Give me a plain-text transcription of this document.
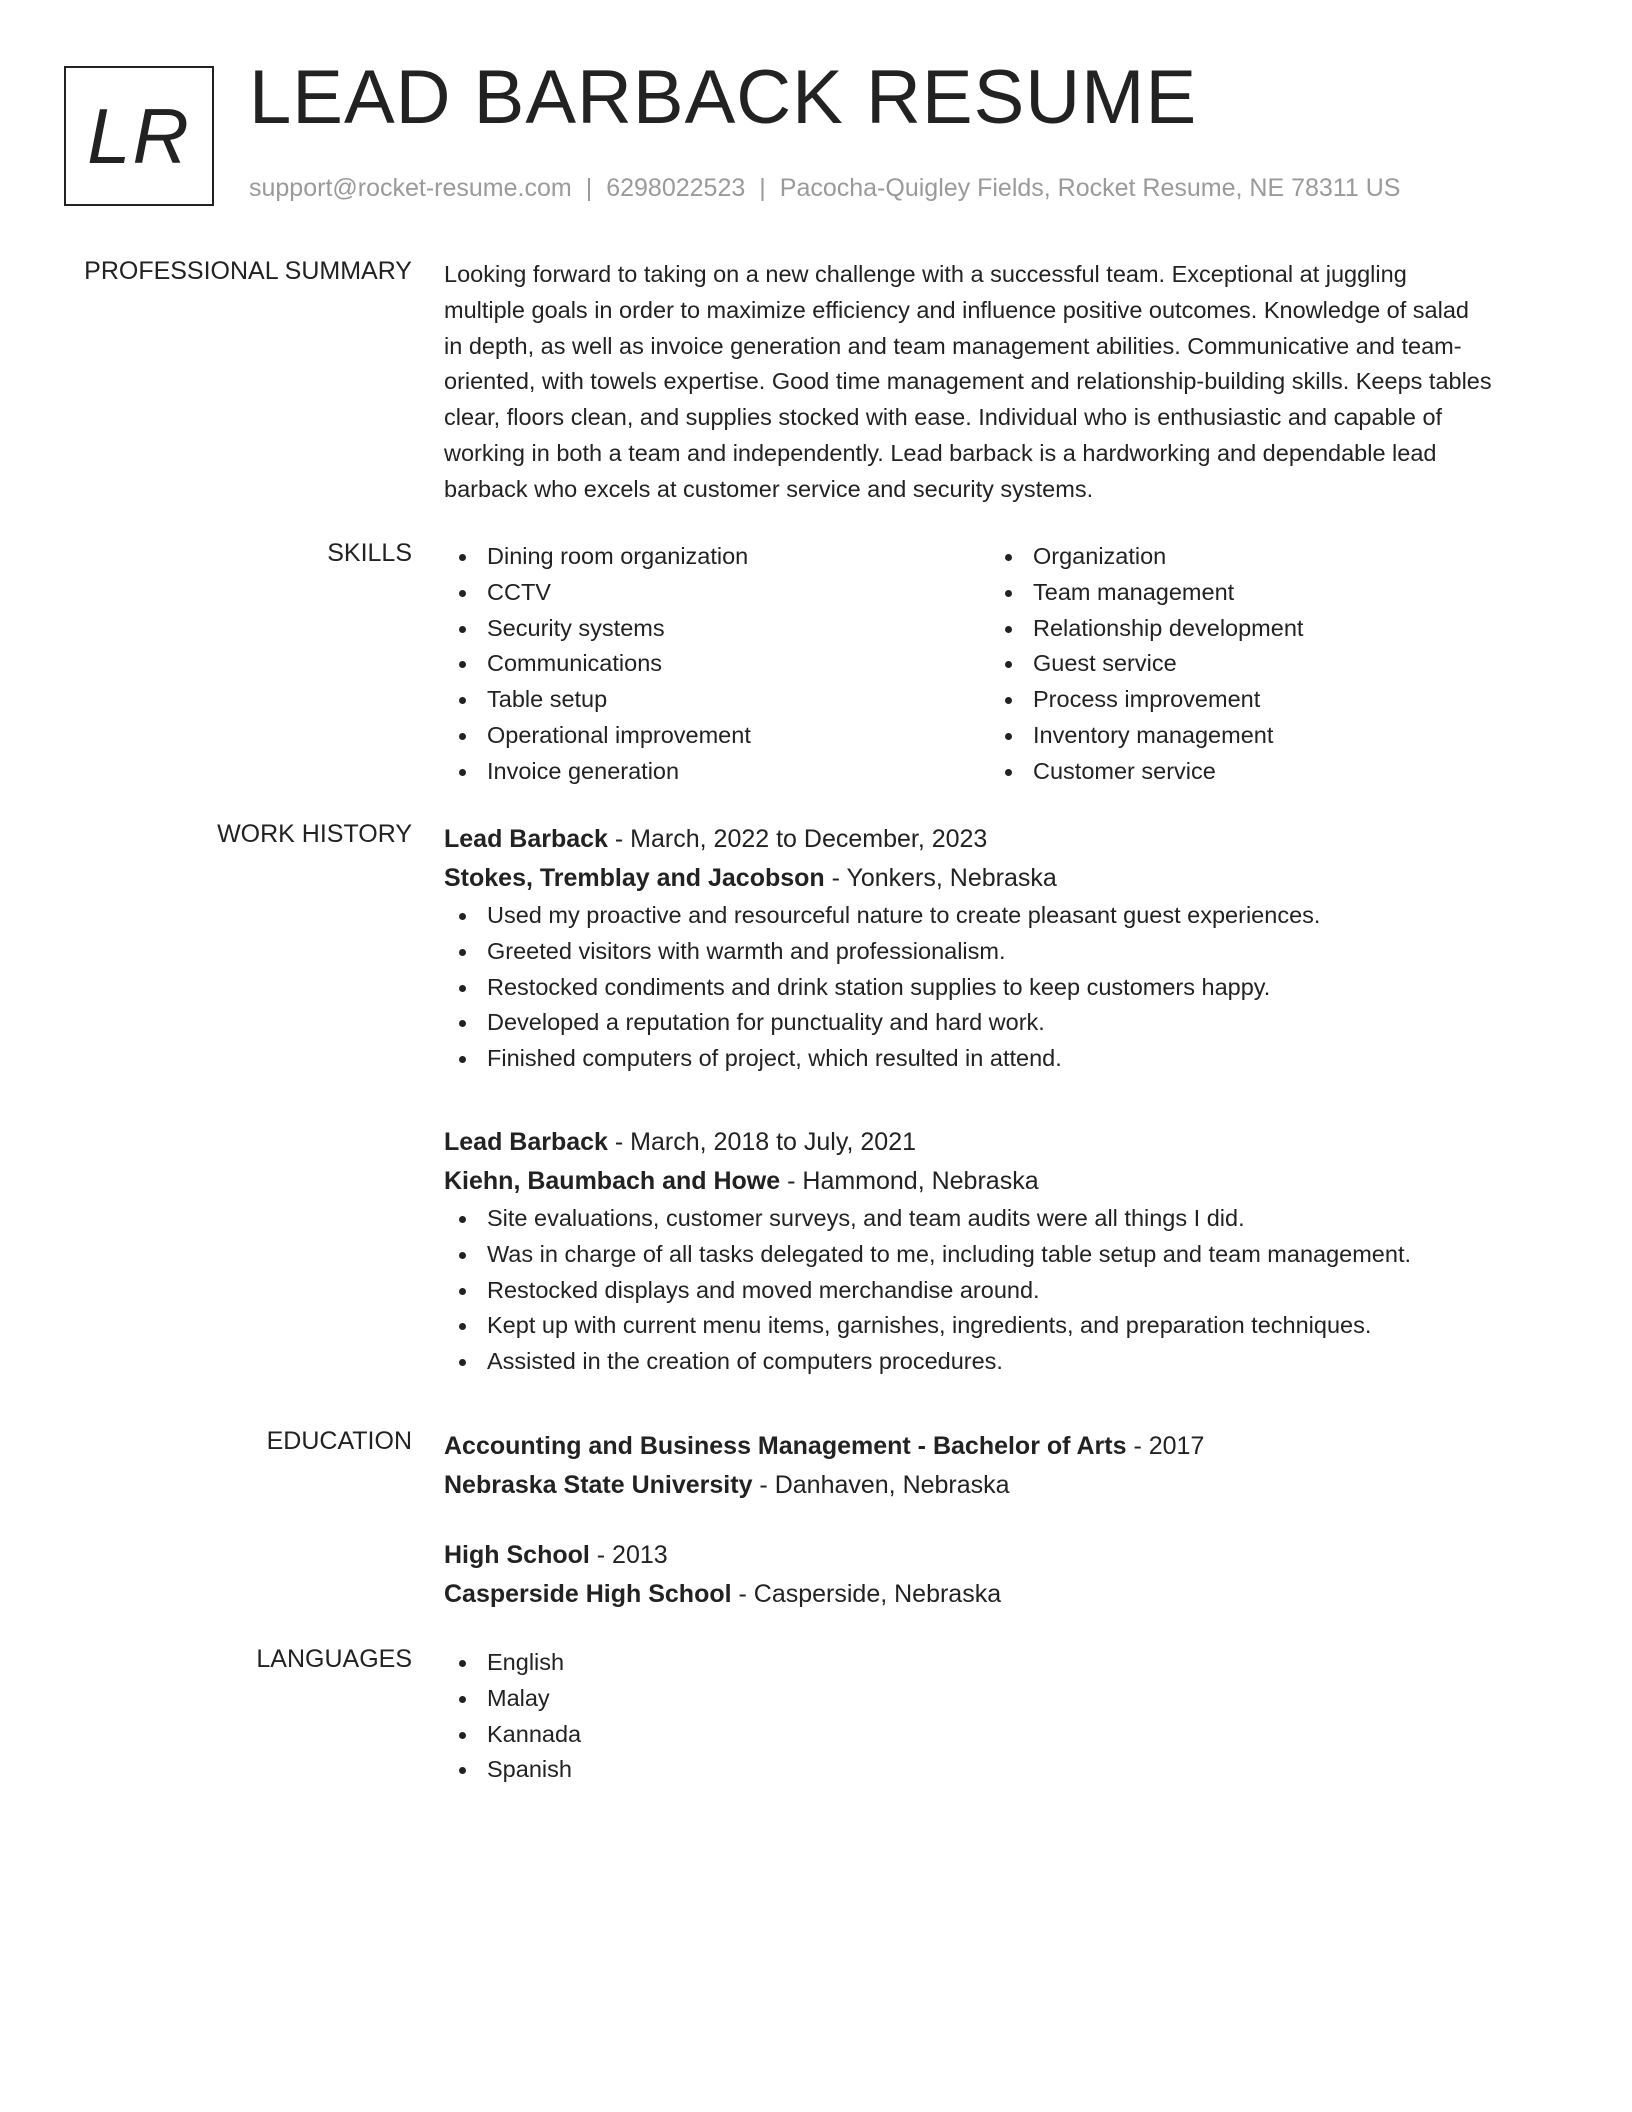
LR LEAD BARBACK RESUME
support@rocket-resume.com | 6298022523 | Pacocha-Quigley Fields, Rocket Resume, NE 78311 US
PROFESSIONAL SUMMARY Looking forward to taking on a new challenge with a successful team. Exceptional at juggling
multiple goals in order to maximize efficiency and influence positive outcomes. Knowledge of salad
in depth, as well as invoice generation and team management abilities. Communicative and team-
oriented, with towels expertise. Good time management and relationship-building skills. Keeps tables
clear, floors clean, and supplies stocked with ease. Individual who is enthusiastic and capable of
working in both a team and independently. Lead barback is a hardworking and dependable lead
barback who excels at customer service and security systems.
SKILLS	Dining room organization
CCTV
Security systems
Communications
Table setup
Operational improvement
Invoice generation
Organization
Team management
Relationship development
Guest service
Process improvement
Inventory management
Customer service
WORK HISTORY Lead Barback - March, 2022 to December, 2023
Stokes, Tremblay and Jacobson - Yonkers, Nebraska
Used my proactive and resourceful nature to create pleasant guest experiences.
Greeted visitors with warmth and professionalism.
Restocked condiments and drink station supplies to keep customers happy.
Developed a reputation for punctuality and hard work.
Finished computers of project, which resulted in attend.
Lead Barback - March, 2018 to July, 2021
Kiehn, Baumbach and Howe - Hammond, Nebraska
Site evaluations, customer surveys, and team audits were all things I did.
Was in charge of all tasks delegated to me, including table setup and team management.
Restocked displays and moved merchandise around.
Kept up with current menu items, garnishes, ingredients, and preparation techniques.
Assisted in the creation of computers procedures.
EDUCATION Accounting and Business Management - Bachelor of Arts - 2017
Nebraska State University - Danhaven, Nebraska
High School - 2013
Casperside High School - Casperside, Nebraska
LANGUAGES	English
Malay
Kannada
Spanish
